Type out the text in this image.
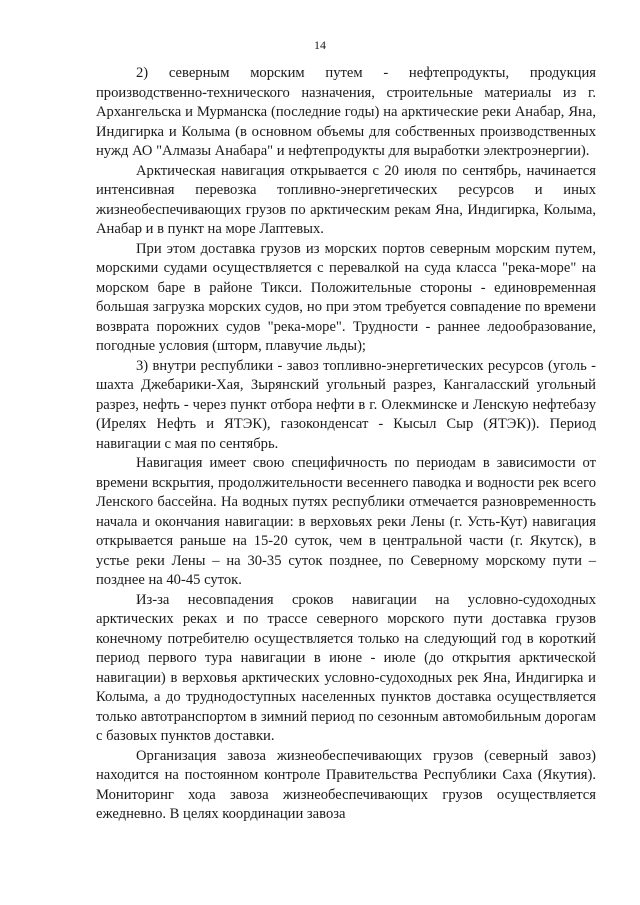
14

2) северным морским путем - нефтепродукты, продукция производственно-технического назначения, строительные материалы из г. Архангельска и Мурманска (последние годы) на арктические реки Анабар, Яна, Индигирка и Колыма (в основном объемы для собственных производственных нужд АО "Алмазы Анабара" и нефтепродукты для выработки электроэнергии).

Арктическая навигация открывается с 20 июля по сентябрь, начинается интенсивная перевозка топливно-энергетических ресурсов и иных жизнеобеспечивающих грузов по арктическим рекам Яна, Индигирка, Колыма, Анабар и в пункт на море Лаптевых.

При этом доставка грузов из морских портов северным морским путем, морскими судами осуществляется с перевалкой на суда класса "река-море" на морском баре в районе Тикси. Положительные стороны - единовременная большая загрузка морских судов, но при этом требуется совпадение по времени возврата порожних судов "река-море". Трудности - раннее ледообразование, погодные условия (шторм, плавучие льды);

3) внутри республики - завоз топливно-энергетических ресурсов (уголь - шахта Джебарики-Хая, Зырянский угольный разрез, Кангаласский угольный разрез, нефть - через пункт отбора нефти в г. Олекминске и Ленскую нефтебазу (Ирелях Нефть и ЯТЭК), газоконденсат - Кысыл Сыр (ЯТЭК)). Период навигации с мая по сентябрь.

Навигация имеет свою специфичность по периодам в зависимости от времени вскрытия, продолжительности весеннего паводка и водности рек всего Ленского бассейна. На водных путях республики отмечается разновременность начала и окончания навигации: в верховьях реки Лены (г. Усть-Кут) навигация открывается раньше на 15-20 суток, чем в центральной части (г. Якутск), в устье реки Лены – на 30-35 суток позднее, по Северному морскому пути – позднее на 40-45 суток.

Из-за несовпадения сроков навигации на условно-судоходных арктических реках и по трассе северного морского пути доставка грузов конечному потребителю осуществляется только на следующий год в короткий период первого тура навигации в июне - июле (до открытия арктической навигации) в верховья арктических условно-судоходных рек Яна, Индигирка и Колыма, а до труднодоступных населенных пунктов доставка осуществляется только автотранспортом в зимний период по сезонным автомобильным дорогам с базовых пунктов доставки.

Организация завоза жизнеобеспечивающих грузов (северный завоз) находится на постоянном контроле Правительства Республики Саха (Якутия). Мониторинг хода завоза жизнеобеспечивающих грузов осуществляется ежедневно. В целях координации завоза
